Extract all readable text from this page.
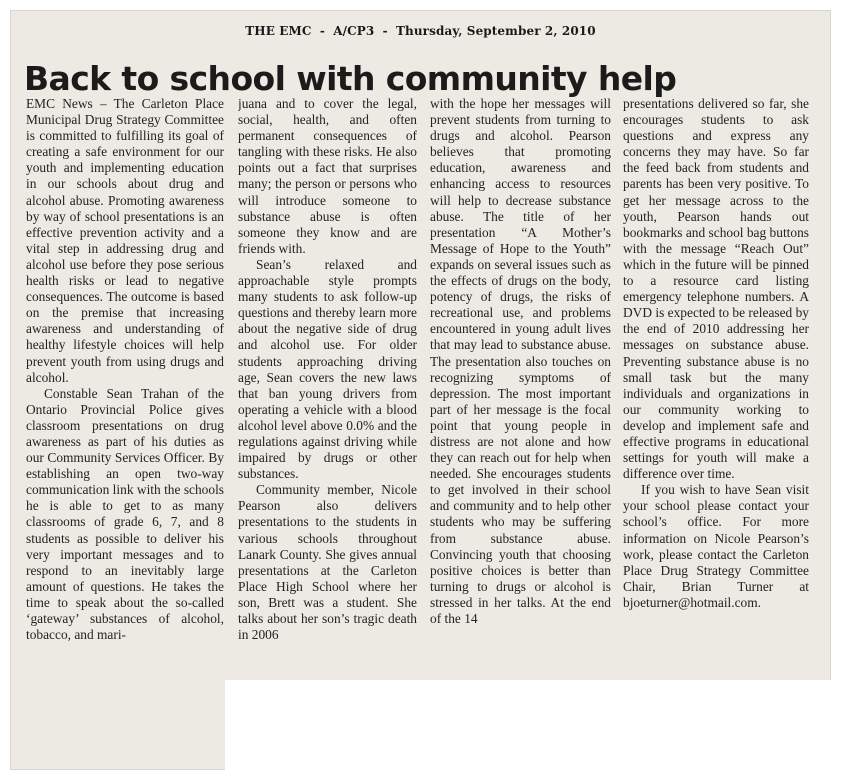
THE EMC - A/CP3 - Thursday, September 2, 2010
Back to school with community help

EMC News – The Carleton Place Municipal Drug Strategy Committee is committed to fulfilling its goal of creating a safe environment for our youth and implementing education in our schools about drug and alcohol abuse. Promoting awareness by way of school presentations is an effective prevention activity and a vital step in addressing drug and alcohol use before they pose serious health risks or lead to negative consequences. The outcome is based on the premise that increasing awareness and understanding of healthy lifestyle choices will help prevent youth from using drugs and alcohol.

Constable Sean Trahan of the Ontario Provincial Police gives classroom presentations on drug awareness as part of his duties as our Community Services Officer. By establishing an open two-way communication link with the schools he is able to get to as many classrooms of grade 6, 7, and 8 students as possible to deliver his very important messages and to respond to an inevitably large amount of questions. He takes the time to speak about the so-called ‘gateway’ substances of alcohol, tobacco, and mari-

juana and to cover the legal, social, health, and often permanent consequences of tangling with these risks. He also points out a fact that surprises many; the person or persons who will introduce someone to substance abuse is often someone they know and are friends with.

Sean’s relaxed and approachable style prompts many students to ask follow-up questions and thereby learn more about the negative side of drug and alcohol use. For older students approaching driving age, Sean covers the new laws that ban young drivers from operating a vehicle with a blood alcohol level above 0.0% and the regulations against driving while impaired by drugs or other substances.

Community member, Nicole Pearson also delivers presentations to the students in various schools throughout Lanark County. She gives annual presentations at the Carleton Place High School where her son, Brett was a student. She talks about her son’s tragic death in 2006

with the hope her messages will prevent students from turning to drugs and alcohol. Pearson believes that promoting education, awareness and enhancing access to resources will help to decrease substance abuse. The title of her presentation “A Mother’s Message of Hope to the Youth” expands on several issues such as the effects of drugs on the body, potency of drugs, the risks of recreational use, and problems encountered in young adult lives that may lead to substance abuse. The presentation also touches on recognizing symptoms of depression. The most important part of her message is the focal point that young people in distress are not alone and how they can reach out for help when needed. She encourages students to get involved in their school and community and to help other students who may be suffering from substance abuse. Convincing youth that choosing positive choices is better than turning to drugs or alcohol is stressed in her talks. At the end of the 14

presentations delivered so far, she encourages students to ask questions and express any concerns they may have. So far the feed back from students and parents has been very positive. To get her message across to the youth, Pearson hands out bookmarks and school bag buttons with the message “Reach Out” which in the future will be pinned to a resource card listing emergency telephone numbers. A DVD is expected to be released by the end of 2010 addressing her messages on substance abuse. Preventing substance abuse is no small task but the many individuals and organizations in our community working to develop and implement safe and effective programs in educational settings for youth will make a difference over time.

If you wish to have Sean visit your school please contact your school’s office. For more information on Nicole Pearson’s work, please contact the Carleton Place Drug Strategy Committee Chair, Brian Turner at bjoeturner@hotmail.com.
